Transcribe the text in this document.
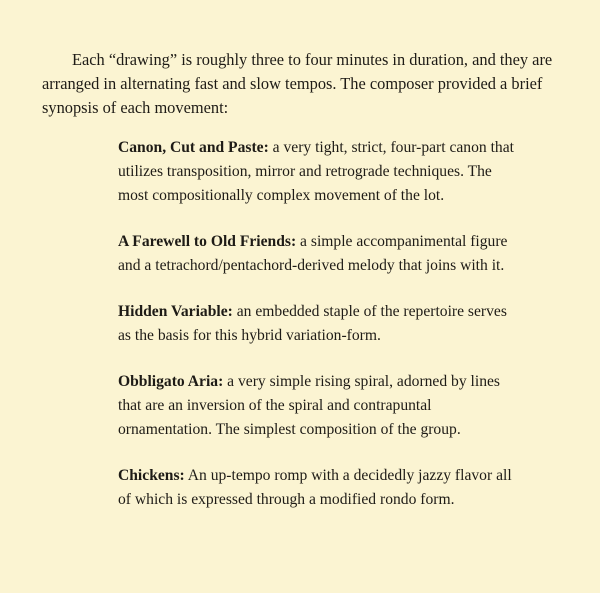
Each “drawing” is roughly three to four minutes in duration, and they are arranged in alternating fast and slow tempos. The composer provided a brief synopsis of each movement:

Canon, Cut and Paste: a very tight, strict, four-part canon that utilizes transposition, mirror and retrograde techniques. The most compositionally complex movement of the lot.
A Farewell to Old Friends: a simple accompanimental figure and a tetrachord/pentachord-derived melody that joins with it.
Hidden Variable: an embedded staple of the repertoire serves as the basis for this hybrid variation-form.
Obbligato Aria: a very simple rising spiral, adorned by lines that are an inversion of the spiral and contrapuntal ornamentation. The simplest composition of the group.
Chickens: An up-tempo romp with a decidedly jazzy flavor all of which is expressed through a modified rondo form.
